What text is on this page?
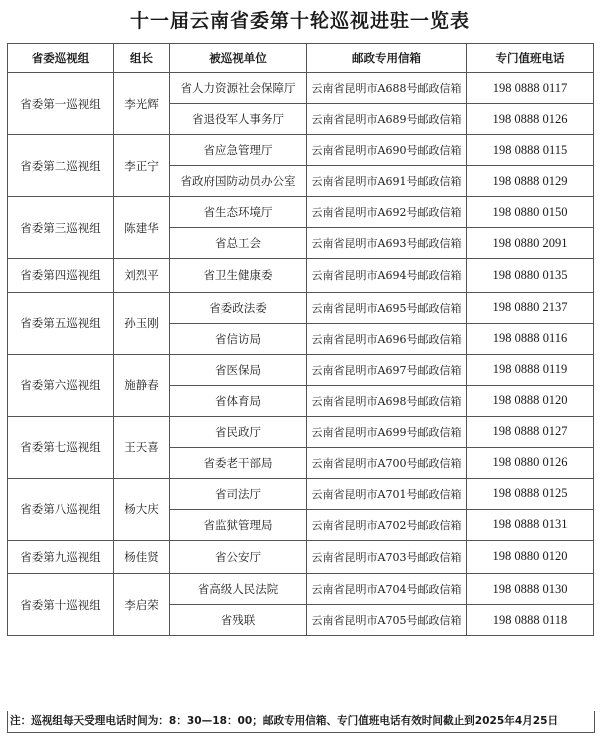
十一届云南省委第十轮巡视进驻一览表
省委巡视组	组长	被巡视单位	邮政专用信箱	专门值班电话
省委第一巡视组	李光辉	省人力资源社会保障厅	云南省昆明市A688号邮政信箱	198 0888 0117
		省退役军人事务厅	云南省昆明市A689号邮政信箱	198 0888 0126
省委第二巡视组	李正宁	省应急管理厅	云南省昆明市A690号邮政信箱	198 0888 0115
		省政府国防动员办公室	云南省昆明市A691号邮政信箱	198 0888 0129
省委第三巡视组	陈建华	省生态环境厅	云南省昆明市A692号邮政信箱	198 0880 0150
		省总工会	云南省昆明市A693号邮政信箱	198 0880 2091
省委第四巡视组	刘烈平	省卫生健康委	云南省昆明市A694号邮政信箱	198 0880 0135
省委第五巡视组	孙玉刚	省委政法委	云南省昆明市A695号邮政信箱	198 0880 2137
		省信访局	云南省昆明市A696号邮政信箱	198 0888 0116
省委第六巡视组	施静春	省医保局	云南省昆明市A697号邮政信箱	198 0888 0119
		省体育局	云南省昆明市A698号邮政信箱	198 0888 0120
省委第七巡视组	王天喜	省民政厅	云南省昆明市A699号邮政信箱	198 0888 0127
		省委老干部局	云南省昆明市A700号邮政信箱	198 0880 0126
省委第八巡视组	杨大庆	省司法厅	云南省昆明市A701号邮政信箱	198 0888 0125
		省监狱管理局	云南省昆明市A702号邮政信箱	198 0888 0131
省委第九巡视组	杨佳贤	省公安厅	云南省昆明市A703号邮政信箱	198 0880 0120
省委第十巡视组	李启荣	省高级人民法院	云南省昆明市A704号邮政信箱	198 0888 0130
		省残联	云南省昆明市A705号邮政信箱	198 0888 0118
注：巡视组每天受理电话时间为：8：30—18：00；邮政专用信箱、专门值班电话有效时间截止到2025年4月25日
